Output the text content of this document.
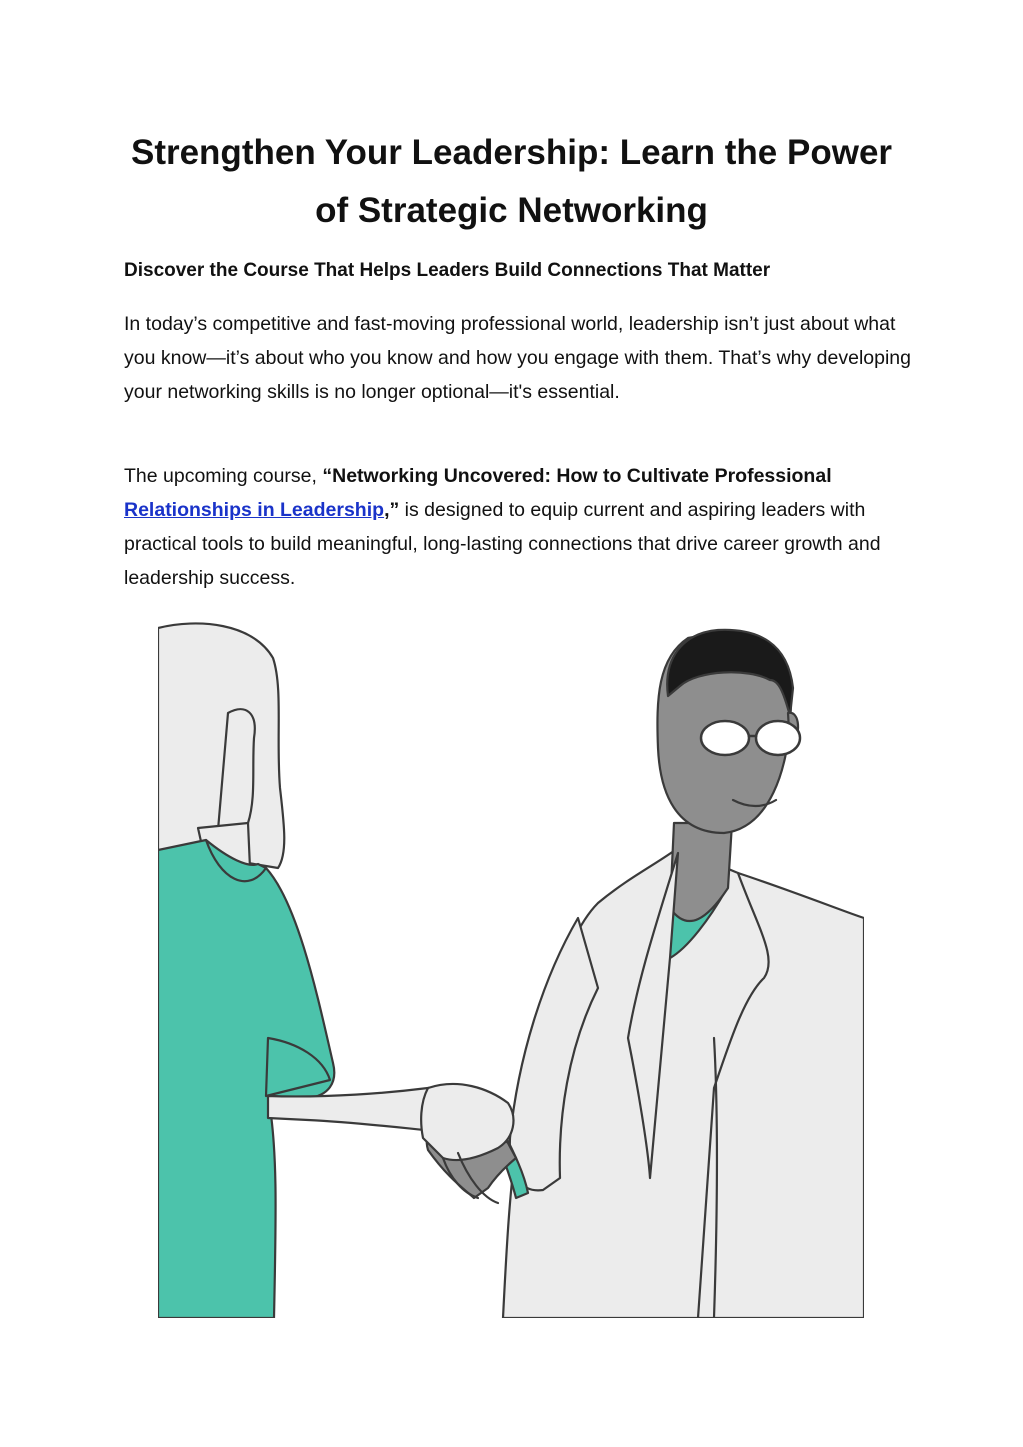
Strengthen Your Leadership: Learn the Power of Strategic Networking

Discover the Course That Helps Leaders Build Connections That Matter

In today’s competitive and fast-moving professional world, leadership isn’t just about what you know—it’s about who you know and how you engage with them. That’s why developing your networking skills is no longer optional—it's essential.

The upcoming course, “Networking Uncovered: How to Cultivate Professional Relationships in Leadership,” is designed to equip current and aspiring leaders with practical tools to build meaningful, long-lasting connections that drive career growth and leadership success.
